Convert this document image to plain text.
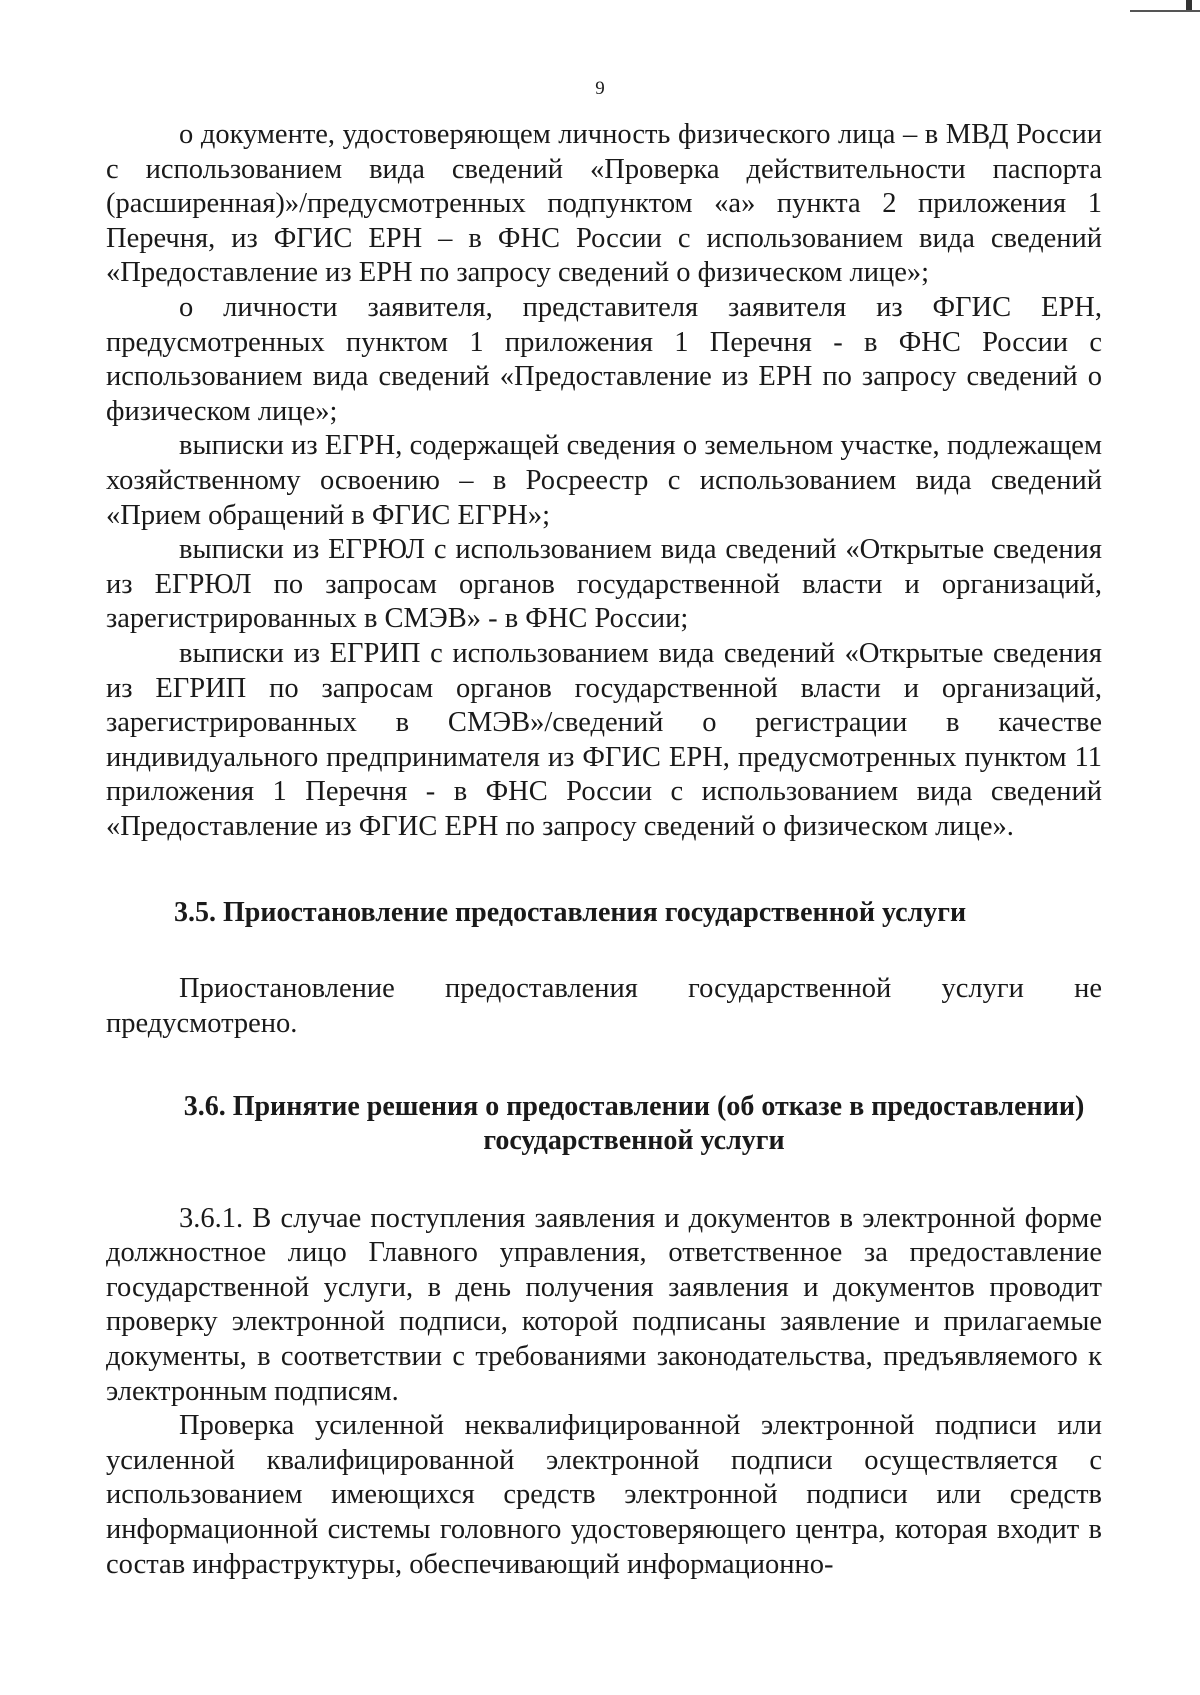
9

о документе, удостоверяющем личность физического лица – в МВД России с использованием вида сведений «Проверка действительности паспорта (расширенная)»/предусмотренных подпунктом «а» пункта 2 приложения 1 Перечня, из ФГИС ЕРН – в ФНС России с использованием вида сведений «Предоставление из ЕРН по запросу сведений о физическом лице»;

о личности заявителя, представителя заявителя из ФГИС ЕРН, предусмотренных пунктом 1 приложения 1 Перечня - в ФНС России с использованием вида сведений «Предоставление из ЕРН по запросу сведений о физическом лице»;

выписки из ЕГРН, содержащей сведения о земельном участке, подлежащем хозяйственному освоению – в Росреестр с использованием вида сведений «Прием обращений в ФГИС ЕГРН»;

выписки из ЕГРЮЛ с использованием вида сведений «Открытые сведения из ЕГРЮЛ по запросам органов государственной власти и организаций, зарегистрированных в СМЭВ» - в ФНС России;

выписки из ЕГРИП с использованием вида сведений «Открытые сведения из ЕГРИП по запросам органов государственной власти и организаций, зарегистрированных в СМЭВ»/сведений о регистрации в качестве индивидуального предпринимателя из ФГИС ЕРН, предусмотренных пунктом 11 приложения 1 Перечня - в ФНС России с использованием вида сведений «Предоставление из ФГИС ЕРН по запросу сведений о физическом лице».

3.5. Приостановление предоставления государственной услуги

Приостановление предоставления государственной услуги не предусмотрено.

3.6. Принятие решения о предоставлении (об отказе в предоставлении)
государственной услуги

3.6.1. В случае поступления заявления и документов в электронной форме должностное лицо Главного управления, ответственное за предоставление государственной услуги, в день получения заявления и документов проводит проверку электронной подписи, которой подписаны заявление и прилагаемые документы, в соответствии с требованиями законодательства, предъявляемого к электронным подписям.

Проверка усиленной неквалифицированной электронной подписи или усиленной квалифицированной электронной подписи осуществляется с использованием имеющихся средств электронной подписи или средств информационной системы головного удостоверяющего центра, которая входит в состав инфраструктуры, обеспечивающий информационно-
